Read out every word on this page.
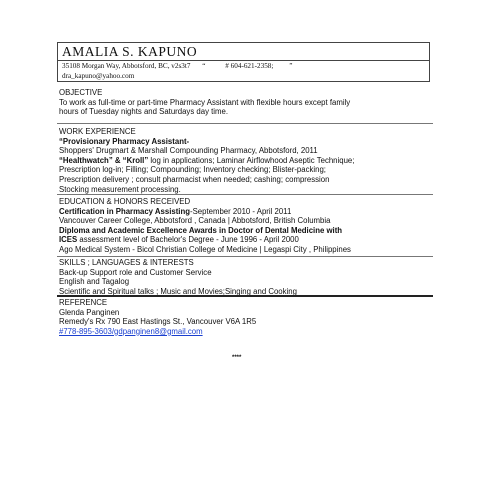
AMALIA S. KAPUNO
35108 Morgan Way, Abbotsford, BC, v2s3t7 “	# 604-621-2358; ”
dra_kapuno@yahoo.com
OBJECTIVE
To work as full-time or part-time Pharmacy Assistant with flexible hours except family
hours of Tuesday nights and Saturdays day time.
WORK EXPERIENCE
“Provisionary Pharmacy Assistant-
Shoppers' Drugmart & Marshall Compounding Pharmacy, Abbotsford, 2011
“Healthwatch” & “Kroll” log in applications; Laminar Airflowhood Aseptic Technique;
Prescription log-in; Filling; Compounding; Inventory checking; Blister-packing;
Prescription delivery ; consult pharmacist when needed; cashing; compression
Stocking measurement processing.
EDUCATION & HONORS RECEIVED
Certification in Pharmacy Assisting-September 2010 - April 2011
Vancouver Career College, Abbotsford , Canada | Abbotsford, British Columbia
Diploma and Academic Excellence Awards in Doctor of Dental Medicine with
ICES assessment level of Bachelor's Degree - June 1996 - April 2000
Ago Medical System - Bicol Christian College of Medicine | Legaspi City , Philippines
SKILLS ; LANGUAGES & INTERESTS
Back-up Support role and Customer Service
English and Tagalog
Scientific and Spiritual talks ; Music and Movies;Singing and Cooking
REFERENCE
Glenda Panginen
Remedy's Rx 790 East Hastings St., Vancouver V6A 1R5
#778-895-3603/gdpanginen8@gmail.com
****
